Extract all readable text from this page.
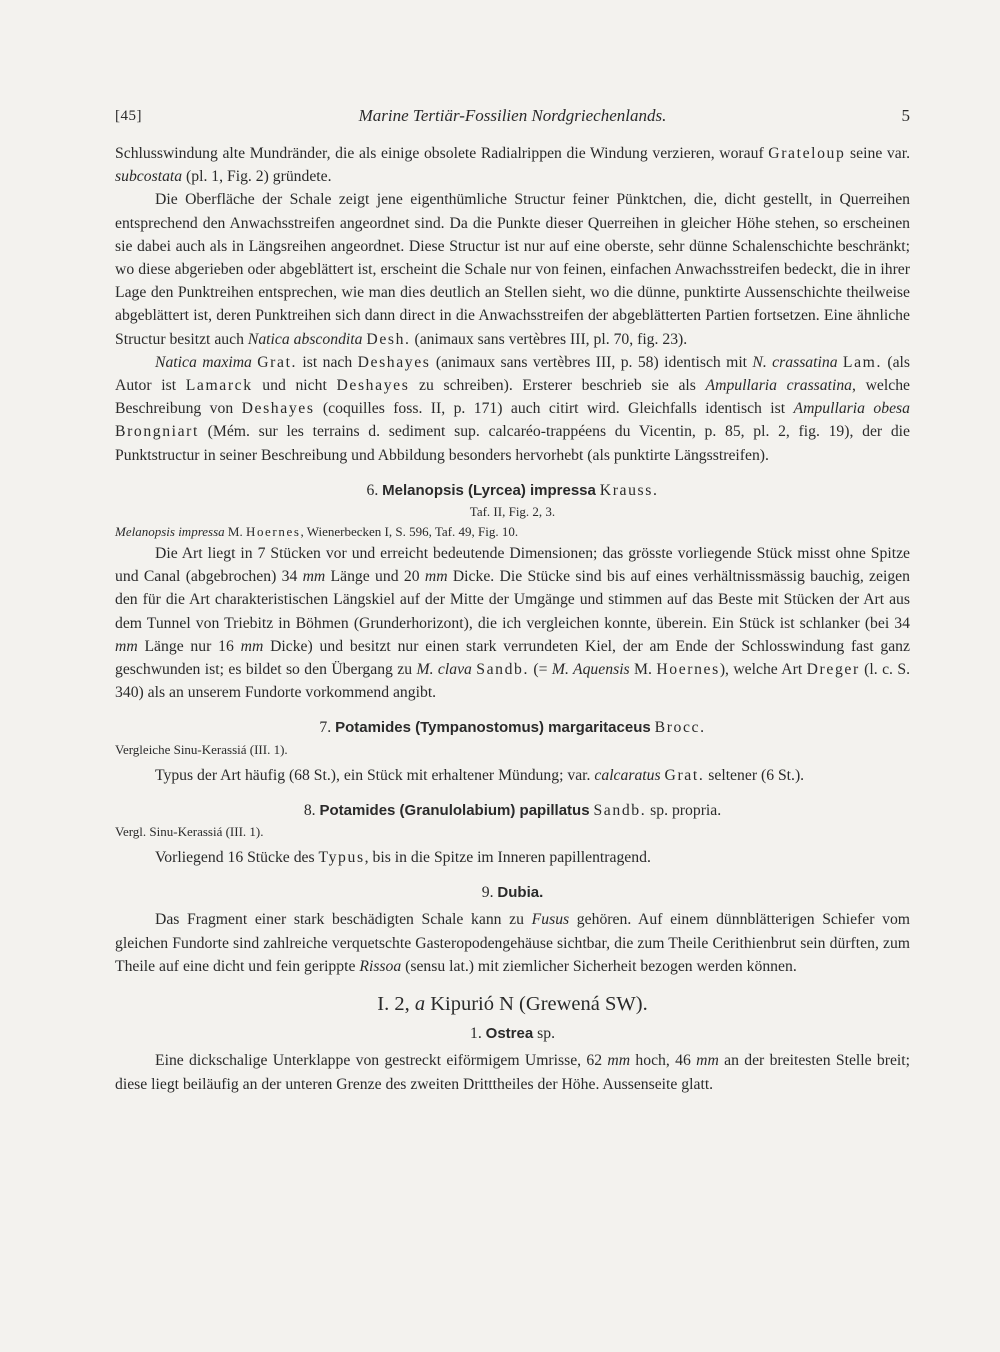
[45]	Marine Tertiär-Fossilien Nordgriechenlands.	5

Schlusswindung alte Mundränder, die als einige obsolete Radialrippen die Windung verzieren, worauf Grateloup seine var. subcostata (pl. 1, Fig. 2) gründete.

Die Oberfläche der Schale zeigt jene eigenthümliche Structur feiner Pünktchen, die, dicht gestellt, in Querreihen entsprechend den Anwachsstreifen angeordnet sind. Da die Punkte dieser Querreihen in gleicher Höhe stehen, so erscheinen sie dabei auch als in Längsreihen angeordnet. Diese Structur ist nur auf eine oberste, sehr dünne Schalenschichte beschränkt; wo diese abgerieben oder abgeblättert ist, erscheint die Schale nur von feinen, einfachen Anwachsstreifen bedeckt, die in ihrer Lage den Punktreihen entsprechen, wie man dies deutlich an Stellen sieht, wo die dünne, punktirte Aussenschichte theilweise abgeblättert ist, deren Punktreihen sich dann direct in die Anwachsstreifen der abgeblätterten Partien fortsetzen. Eine ähnliche Structur besitzt auch Natica abscondita Desh. (animaux sans vertèbres III, pl. 70, fig. 23).

Natica maxima Grat. ist nach Deshayes (animaux sans vertèbres III, p. 58) identisch mit N. crassatina Lam. (als Autor ist Lamarck und nicht Deshayes zu schreiben). Ersterer beschrieb sie als Ampullaria crassatina, welche Beschreibung von Deshayes (coquilles foss. II, p. 171) auch citirt wird. Gleichfalls identisch ist Ampullaria obesa Brongniart (Mém. sur les terrains d. sediment sup. calcaréo-trappéens du Vicentin, p. 85, pl. 2, fig. 19), der die Punktstructur in seiner Beschreibung und Abbildung besonders hervorhebt (als punktirte Längsstreifen).

6. Melanopsis (Lyrcea) impressa Krauss.

Taf. II, Fig. 2, 3.

Melanopsis impressa M. Hoernes, Wienerbecken I, S. 596, Taf. 49, Fig. 10.

Die Art liegt in 7 Stücken vor und erreicht bedeutende Dimensionen; das grösste vorliegende Stück misst ohne Spitze und Canal (abgebrochen) 34 mm Länge und 20 mm Dicke. Die Stücke sind bis auf eines verhältnissmässig bauchig, zeigen den für die Art charakteristischen Längskiel auf der Mitte der Umgänge und stimmen auf das Beste mit Stücken der Art aus dem Tunnel von Triebitz in Böhmen (Grunderhorizont), die ich vergleichen konnte, überein. Ein Stück ist schlanker (bei 34 mm Länge nur 16 mm Dicke) und besitzt nur einen stark verrundeten Kiel, der am Ende der Schlosswindung fast ganz geschwunden ist; es bildet so den Übergang zu M. clava Sandb. (= M. Aquensis M. Hoernes), welche Art Dreger (l. c. S. 340) als an unserem Fundorte vorkommend angibt.

7. Potamides (Tympanostomus) margaritaceus Brocc.

Vergleiche Sinu-Kerassiá (III. 1).

Typus der Art häufig (68 St.), ein Stück mit erhaltener Mündung; var. calcaratus Grat. seltener (6 St.).

8. Potamides (Granulolabium) papillatus Sandb. sp. propria.

Vergl. Sinu-Kerassiá (III. 1).

Vorliegend 16 Stücke des Typus, bis in die Spitze im Inneren papillentragend.

9. Dubia.

Das Fragment einer stark beschädigten Schale kann zu Fusus gehören. Auf einem dünnblätterigen Schiefer vom gleichen Fundorte sind zahlreiche verquetschte Gasteropodengehäuse sichtbar, die zum Theile Cerithienbrut sein dürften, zum Theile auf eine dicht und fein gerippte Rissoa (sensu lat.) mit ziemlicher Sicherheit bezogen werden können.

I. 2, a Kipurió N (Grewená SW).

1. Ostrea sp.

Eine dickschalige Unterklappe von gestreckt eiförmigem Umrisse, 62 mm hoch, 46 mm an der breitesten Stelle breit; diese liegt beiläufig an der unteren Grenze des zweiten Dritttheiles der Höhe. Aussenseite glatt.
